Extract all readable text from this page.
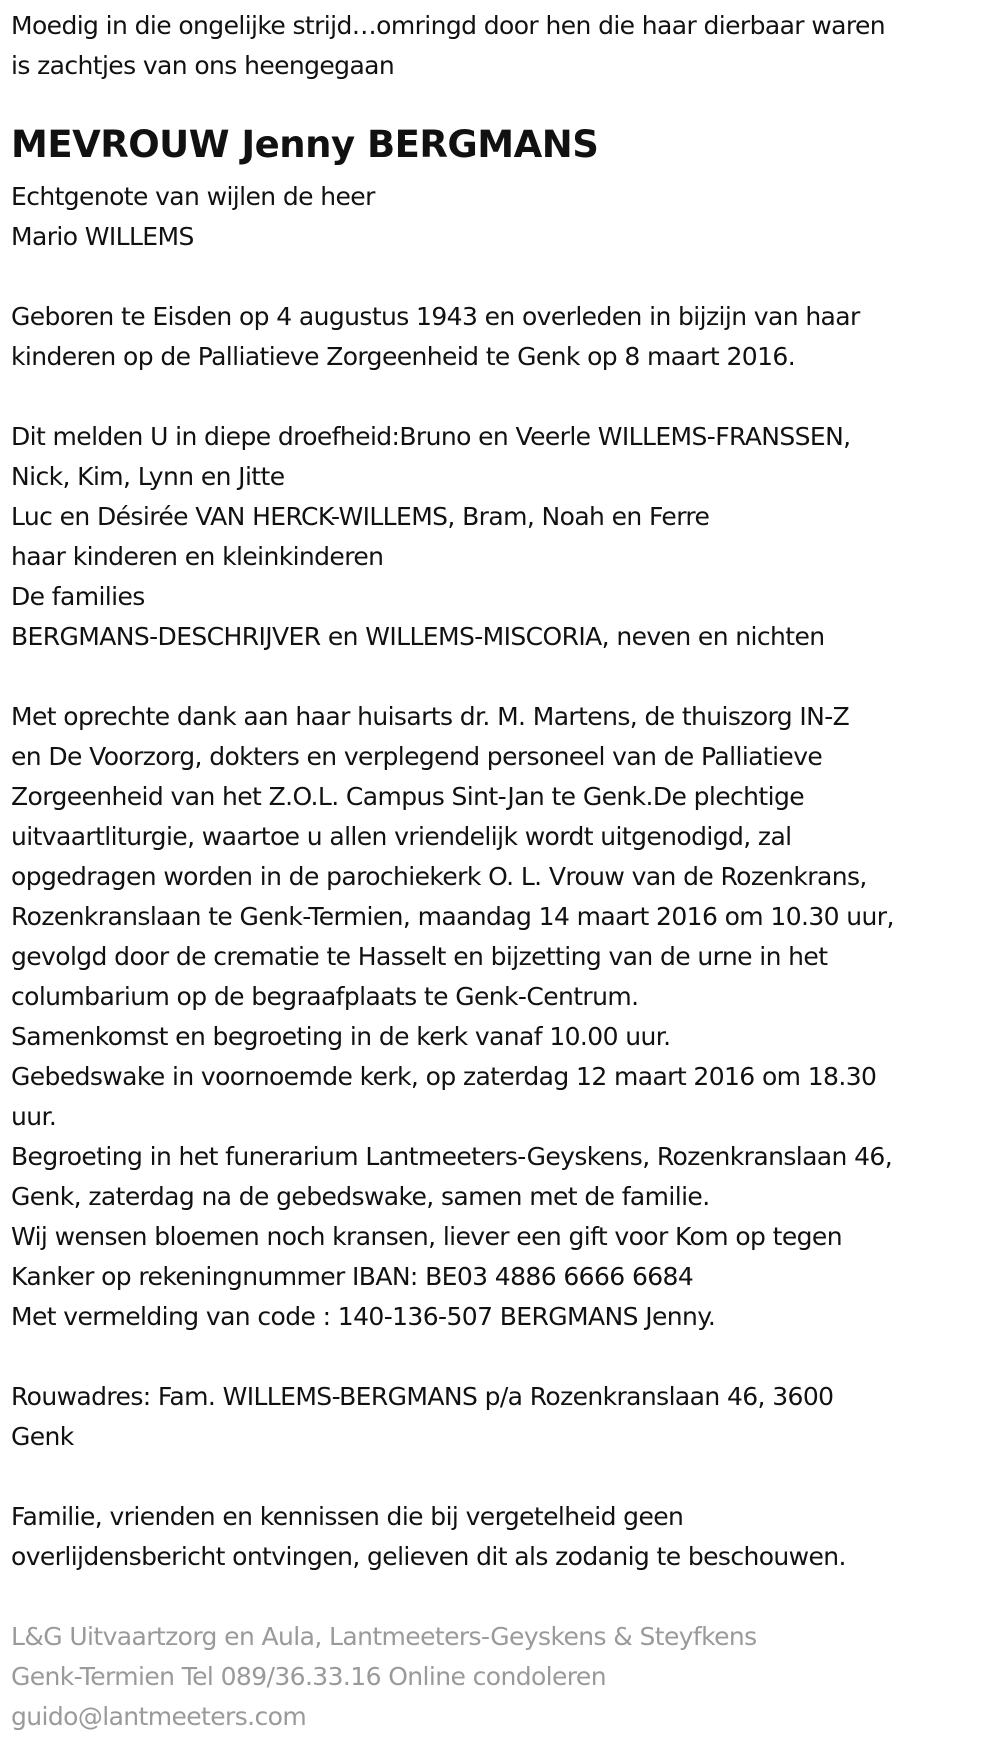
Moedig in die ongelijke strijd…omringd door hen die haar dierbaar waren
is zachtjes van ons heengegaan
MEVROUW Jenny BERGMANS
Echtgenote van wijlen de heer
Mario WILLEMS
Geboren te Eisden op 4 augustus 1943 en overleden in bijzijn van haar
kinderen op de Palliatieve Zorgeenheid te Genk op 8 maart 2016.
Dit melden U in diepe droefheid:Bruno en Veerle WILLEMS-FRANSSEN,
Nick, Kim, Lynn en Jitte
Luc en Désirée VAN HERCK-WILLEMS, Bram, Noah en Ferre
haar kinderen en kleinkinderen
De families
BERGMANS-DESCHRIJVER en WILLEMS-MISCORIA, neven en nichten
Met oprechte dank aan haar huisarts dr. M. Martens, de thuiszorg IN-Z
en De Voorzorg, dokters en verplegend personeel van de Palliatieve
Zorgeenheid van het Z.O.L. Campus Sint-Jan te Genk.De plechtige
uitvaartliturgie, waartoe u allen vriendelijk wordt uitgenodigd, zal
opgedragen worden in de parochiekerk O. L. Vrouw van de Rozenkrans,
Rozenkranslaan te Genk-Termien, maandag 14 maart 2016 om 10.30 uur,
gevolgd door de crematie te Hasselt en bijzetting van de urne in het
columbarium op de begraafplaats te Genk-Centrum.
Samenkomst en begroeting in de kerk vanaf 10.00 uur.
Gebedswake in voornoemde kerk, op zaterdag 12 maart 2016 om 18.30
uur.
Begroeting in het funerarium Lantmeeters-Geyskens, Rozenkranslaan 46,
Genk, zaterdag na de gebedswake, samen met de familie.
Wij wensen bloemen noch kransen, liever een gift voor Kom op tegen
Kanker op rekeningnummer IBAN: BE03 4886 6666 6684
Met vermelding van code : 140-136-507 BERGMANS Jenny.
Rouwadres: Fam. WILLEMS-BERGMANS p/a Rozenkranslaan 46, 3600
Genk
Familie, vrienden en kennissen die bij vergetelheid geen
overlijdensbericht ontvingen, gelieven dit als zodanig te beschouwen.
L&G Uitvaartzorg en Aula, Lantmeeters-Geyskens & Steyfkens
Genk-Termien Tel 089/36.33.16 Online condoleren
guido@lantmeeters.com
